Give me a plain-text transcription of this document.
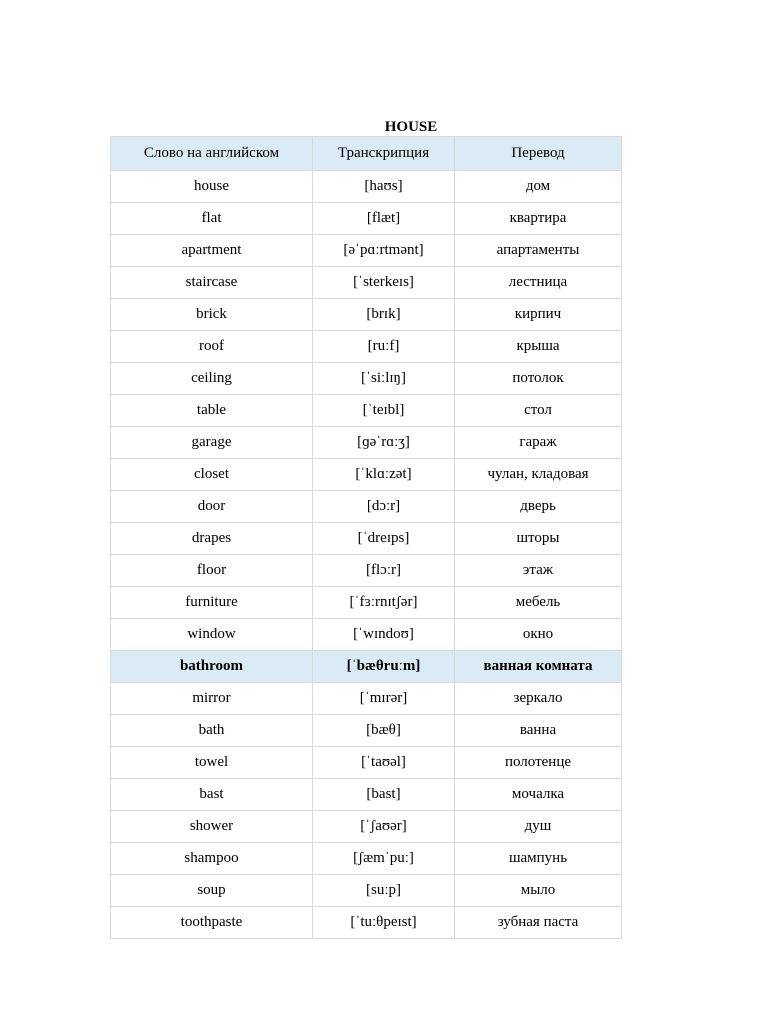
HOUSE
Слово на английском	Транскрипция	Перевод
house	[haʊs]	дом
flat	[flæt]	квартира
apartment	[əˈpɑːrtmənt]	апартаменты
staircase	[ˈsterkeɪs]	лестница
brick	[brɪk]	кирпич
roof	[ruːf]	крыша
ceiling	[ˈsiːlɪŋ]	потолок
table	[ˈteɪbl]	стол
garage	[ɡəˈrɑːʒ]	гараж
closet	[ˈklɑːzət]	чулан, кладовая
door	[dɔːr]	дверь
drapes	[ˈdreɪps]	шторы
floor	[flɔːr]	этаж
furniture	[ˈfɜːrnɪtʃər]	мебель
window	[ˈwɪndoʊ]	окно
bathroom	[ˈbæθruːm]	ванная комната
mirror	[ˈmɪrər]	зеркало
bath	[bæθ]	ванна
towel	[ˈtaʊəl]	полотенце
bast	[bast]	мочалка
shower	[ˈʃaʊər]	душ
shampoo	[ʃæmˈpuː]	шампунь
soup	[suːp]	мыло
toothpaste	[ˈtuːθpeɪst]	зубная паста
